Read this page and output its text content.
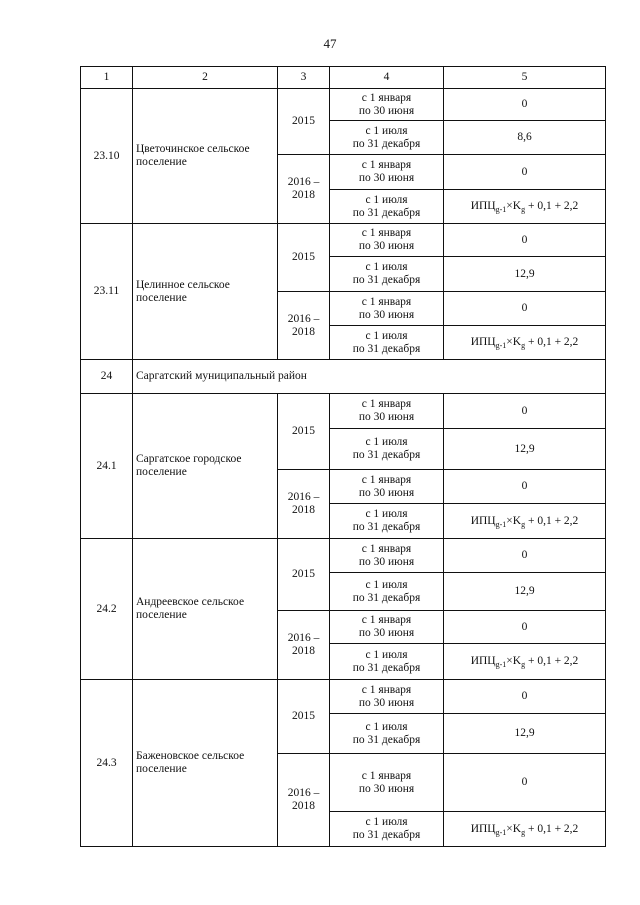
47
1	2	3	4	5
23.10	Цветочинское сельское поселение	2015	с 1 января
по 30 июня	0

			с 1 июля
по 31 декабря	8,6
		2016 – 2018	с 1 января
по 30 июня	0

			с 1 июля
по 31 декабря	$ИПЦ_{g-1}\times K_g + 0,1 + 2,2$
23.11	Целинное сельское поселение	2015	с 1 января
по 30 июня	0

			с 1 июля
по 31 декабря	12,9
		2016 – 2018	с 1 января
по 30 июня	0

			с 1 июля
по 31 декабря	$ИПЦ_{g-1}\times K_g + 0,1 + 2,2$
24	Саргатский муниципальный район			
24.1	Саргатское городское поселение	2015	с 1 января
по 30 июня	0

			с 1 июля
по 31 декабря	12,9
		2016 – 2018	с 1 января
по 30 июня	0

			с 1 июля
по 31 декабря	$ИПЦ_{g-1}\times K_g + 0,1 + 2,2$
24.2	Андреевское сельское поселение	2015	с 1 января
по 30 июня	0

			с 1 июля
по 31 декабря	12,9
		2016 – 2018	с 1 января
по 30 июня	0

			с 1 июля
по 31 декабря	$ИПЦ_{g-1}\times K_g + 0,1 + 2,2$
24.3	Баженовское сельское поселение	2015	с 1 января
по 30 июня	0

			с 1 июля
по 31 декабря	12,9
		2016 – 2018	с 1 января
по 30 июня	0

			с 1 июля
по 31 декабря	$ИПЦ_{g-1}\times K_g + 0,1 + 2,2$
